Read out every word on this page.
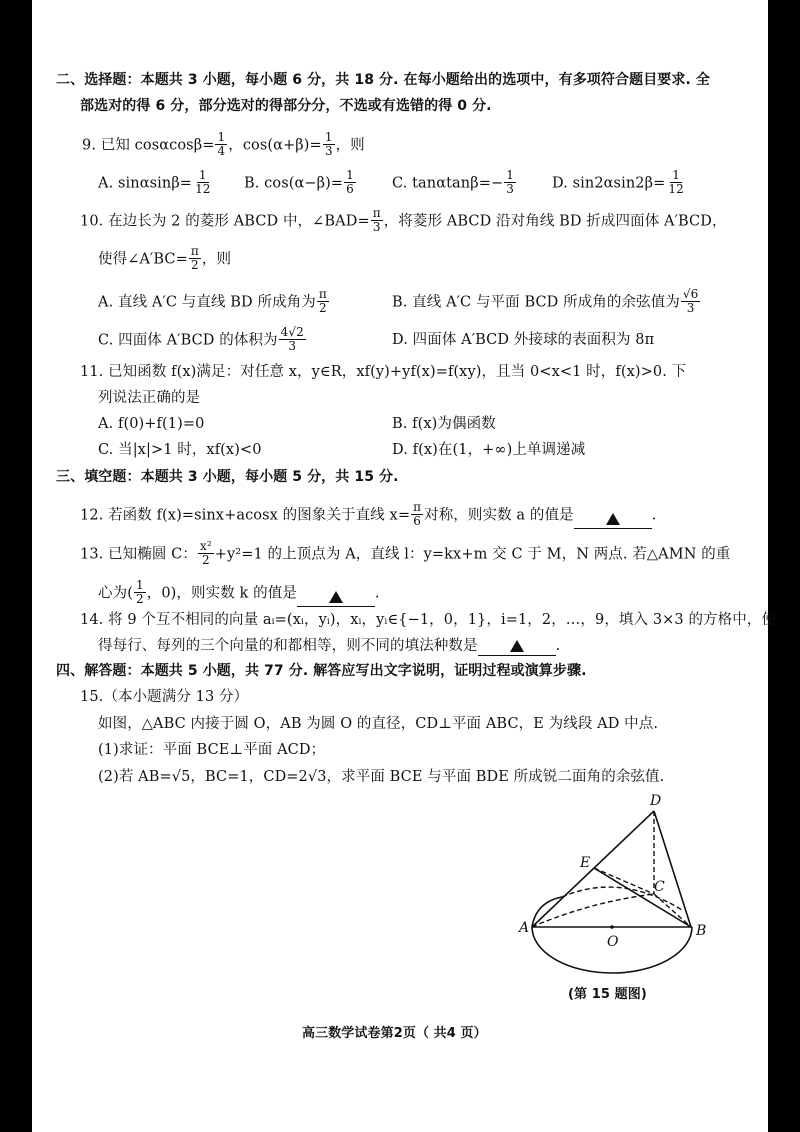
二、选择题：本题共 3 小题，每小题 6 分，共 18 分. 在每小题给出的选项中，有多项符合题目要求. 全
部选对的得 6 分，部分选对的得部分分，不选或有选错的得 0 分.
9. 已知 $\cos\alpha\cos\beta= \frac{1}{4}$ ，$\cos(\alpha+\beta)= \frac{1}{3}$ ，则
A. $\sin\alpha\sin\beta= \frac{1}{12} B$. $\cos(\alpha-\beta)= \frac{1}{6} C$. $\tan\alpha\tan\beta=- \frac{1}{3} D$. $\sin 2\alpha\sin 2\beta= \frac{1}{12}$
10. 在边长为 2 的菱形 ABCD 中，∠BAD= $\frac{\pi}{3}$ ，将菱形 ABCD 沿对角线 BD 折成四面体 A′BCD，
使得∠A′BC= $\frac{\pi}{2}$ ，则
A. 直线 A′C 与直线 BD 所成角为 $\frac{\pi}{2}$	B. 直线 A′C 与平面 BCD 所成角的余弦值为 $\frac{√6}{3}$
C. 四面体 A′BCD 的体积为 $\frac{4√2}{3}$	D. 四面体 A′BCD 外接球的表面积为 8π
11. 已知函数 f(x)满足：对任意 x，y∈R，xf(y)+yf(x)=f(xy)，且当 0<x<1 时，f(x)>0. 下
列说法正确的是
A. f(0)+f(1)=0	B. f(x)为偶函数
C. 当|x|>1 时，xf(x)<0	D. f(x)在(1，+∞)上单调递减
三、填空题：本题共 3 小题，每小题 5 分，共 15 分.
12. 若函数 f(x)=sinx+acosx 的图象关于直线 $x= \frac{\pi}{6}$ 对称，则实数 a 的值是	.
13. 已知椭圆 C： $\frac{\text{x²}}{2} +y^2=1$ 的上顶点为 A，直线 l：y=kx+m 交 C 于 M，N 两点. 若△AMN 的重
心为( $\frac{1}{2}$ ，0)，则实数 k 的值是	.
14. 将 9 个互不相同的向量 aᵢ=(xᵢ，yᵢ)，xᵢ，yᵢ∈{−1，0，1}，i=1，2，…，9，填入 3×3 的方格中，使
得每行、每列的三个向量的和都相等，则不同的填法种数是	.
四、解答题：本题共 5 小题，共 77 分. 解答应写出文字说明，证明过程或演算步骤.
15.（本小题满分 13 分）
如图，△ABC 内接于圆 O，AB 为圆 O 的直径，CD⊥平面 ABC，E 为线段 AD 中点.
(1)求证：平面 BCE⊥平面 ACD；
(2)若 AB=√5，BC=1，CD=2√3，求平面 BCE 与平面 BDE 所成锐二面角的余弦值.
D
E
C
A	B
O
(第 15 题图)
高三数学试卷第2页（ 共4 页）
